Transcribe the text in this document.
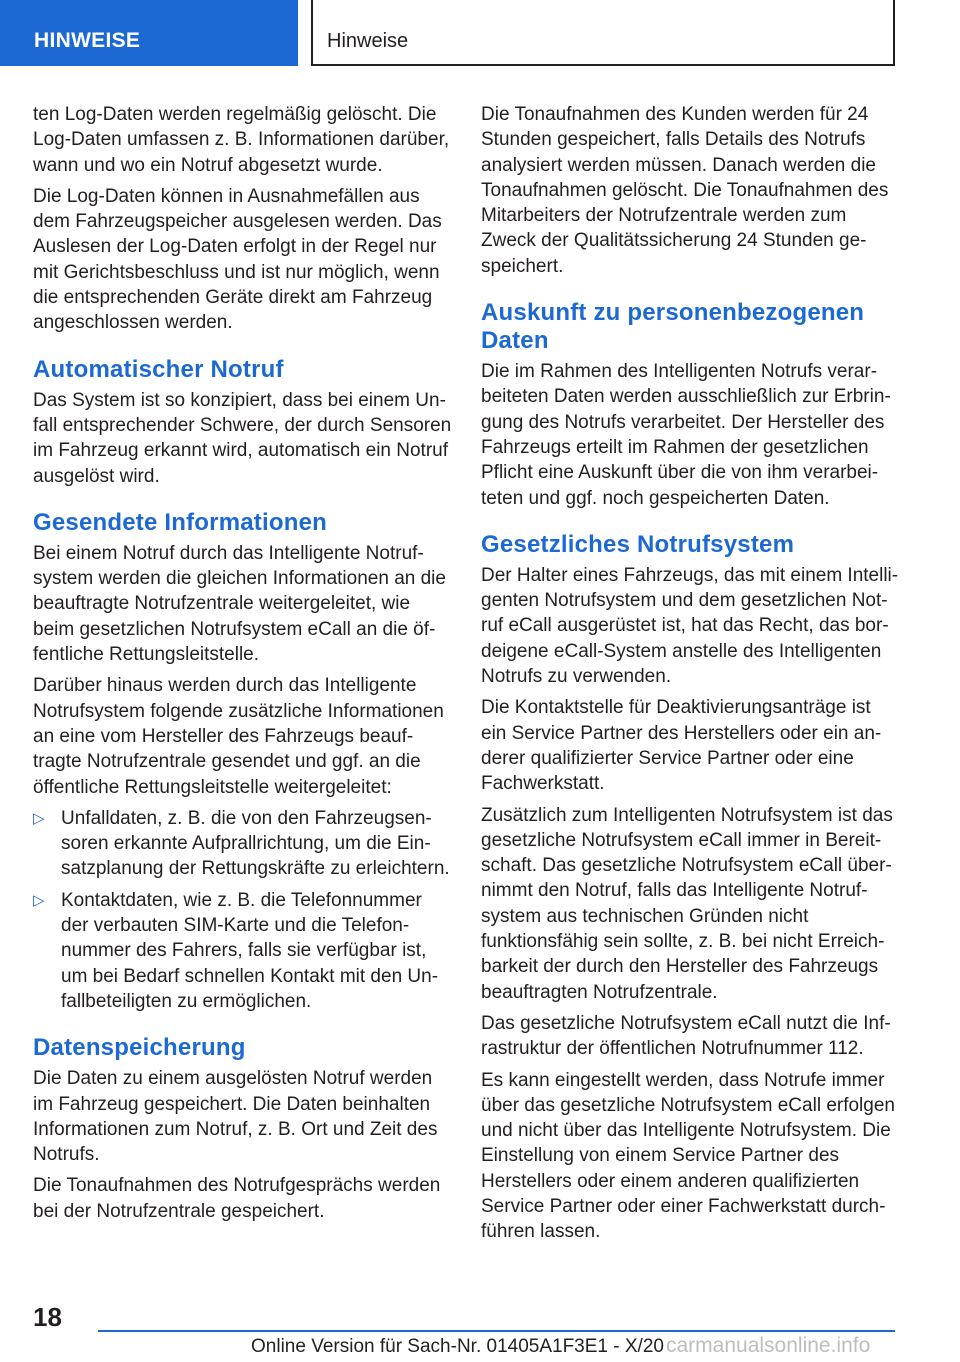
HINWEISE	Hinweise

ten Log-Daten werden regelmäßig gelöscht. Die Log-Daten umfassen z. B. Informationen darüber, wann und wo ein Notruf abgesetzt wurde.

Die Log-Daten können in Ausnahmefällen aus dem Fahrzeugspeicher ausgelesen werden. Das Auslesen der Log-Daten erfolgt in der Regel nur mit Gerichtsbeschluss und ist nur möglich, wenn die entsprechenden Geräte direkt am Fahrzeug angeschlossen werden.

Automatischer Notruf

Das System ist so konzipiert, dass bei einem Unfall entsprechender Schwere, der durch Sensoren im Fahrzeug erkannt wird, automatisch ein Notruf ausgelöst wird.

Gesendete Informationen

Bei einem Notruf durch das Intelligente Notrufsystem werden die gleichen Informationen an die beauftragte Notrufzentrale weitergeleitet, wie beim gesetzlichen Notrufsystem eCall an die öffentliche Rettungsleitstelle.

Darüber hinaus werden durch das Intelligente Notrufsystem folgende zusätzliche Informationen an eine vom Hersteller des Fahrzeugs beauftragte Notrufzentrale gesendet und ggf. an die öffentliche Rettungsleitstelle weitergeleitet:

▷ Unfalldaten, z. B. die von den Fahrzeugsensoren erkannte Aufprallrichtung, um die Einsatzplanung der Rettungskräfte zu erleichtern.
▷ Kontaktdaten, wie z. B. die Telefonnummer der verbauten SIM-Karte und die Telefonnummer des Fahrers, falls sie verfügbar ist, um bei Bedarf schnellen Kontakt mit den Unfallbeteiligten zu ermöglichen.
Datenspeicherung

Die Daten zu einem ausgelösten Notruf werden im Fahrzeug gespeichert. Die Daten beinhalten Informationen zum Notruf, z. B. Ort und Zeit des Notrufs.

Die Tonaufnahmen des Notrufgesprächs werden bei der Notrufzentrale gespeichert.

Die Tonaufnahmen des Kunden werden für 24 Stunden gespeichert, falls Details des Notrufs analysiert werden müssen. Danach werden die Tonaufnahmen gelöscht. Die Tonaufnahmen des Mitarbeiters der Notrufzentrale werden zum Zweck der Qualitätssicherung 24 Stunden gespeichert.

Auskunft zu personenbezogenen Daten

Die im Rahmen des Intelligenten Notrufs verarbeiteten Daten werden ausschließlich zur Erbringung des Notrufs verarbeitet. Der Hersteller des Fahrzeugs erteilt im Rahmen der gesetzlichen Pflicht eine Auskunft über die von ihm verarbeiteten und ggf. noch gespeicherten Daten.

Gesetzliches Notrufsystem

Der Halter eines Fahrzeugs, das mit einem Intelligenten Notrufsystem und dem gesetzlichen Notruf eCall ausgerüstet ist, hat das Recht, das bordeigene eCall-System anstelle des Intelligenten Notrufs zu verwenden.

Die Kontaktstelle für Deaktivierungsanträge ist ein Service Partner des Herstellers oder ein anderer qualifizierter Service Partner oder eine Fachwerkstatt.

Zusätzlich zum Intelligenten Notrufsystem ist das gesetzliche Notrufsystem eCall immer in Bereitschaft. Das gesetzliche Notrufsystem eCall übernimmt den Notruf, falls das Intelligente Notrufsystem aus technischen Gründen nicht funktionsfähig sein sollte, z. B. bei nicht Erreichbarkeit der durch den Hersteller des Fahrzeugs beauftragten Notrufzentrale.

Das gesetzliche Notrufsystem eCall nutzt die Infrastruktur der öffentlichen Notrufnummer 112.

Es kann eingestellt werden, dass Notrufe immer über das gesetzliche Notrufsystem eCall erfolgen und nicht über das Intelligente Notrufsystem. Die Einstellung von einem Service Partner des Herstellers oder einem anderen qualifizierten Service Partner oder einer Fachwerkstatt durchführen lassen.

18
Online Version für Sach-Nr. 01405A1F3E1 - X/20 carmanualsonline.info
